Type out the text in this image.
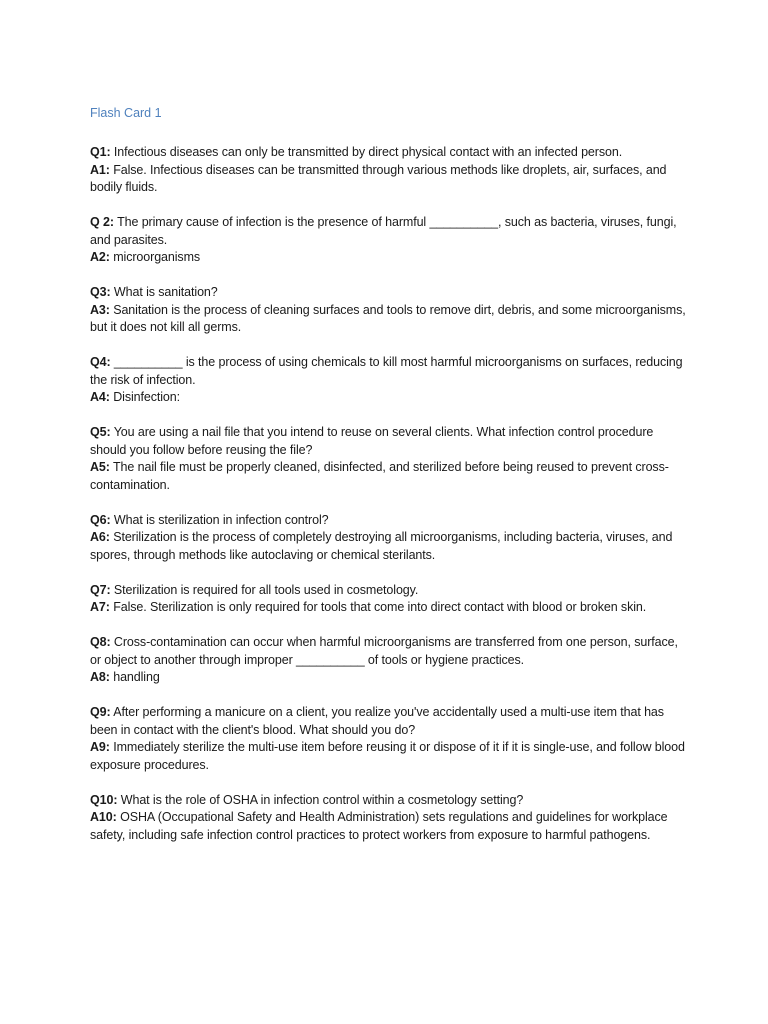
Flash Card 1

Q1: Infectious diseases can only be transmitted by direct physical contact with an infected person.

A1: False. Infectious diseases can be transmitted through various methods like droplets, air, surfaces, and bodily fluids.

Q 2: The primary cause of infection is the presence of harmful __________, such as bacteria, viruses, fungi, and parasites.

A2: microorganisms

Q3: What is sanitation?

A3: Sanitation is the process of cleaning surfaces and tools to remove dirt, debris, and some microorganisms, but it does not kill all germs.

Q4: __________ is the process of using chemicals to kill most harmful microorganisms on surfaces, reducing the risk of infection.

A4: Disinfection:

Q5: You are using a nail file that you intend to reuse on several clients. What infection control procedure should you follow before reusing the file?

A5: The nail file must be properly cleaned, disinfected, and sterilized before being reused to prevent cross-contamination.

Q6: What is sterilization in infection control?

A6: Sterilization is the process of completely destroying all microorganisms, including bacteria, viruses, and spores, through methods like autoclaving or chemical sterilants.

Q7: Sterilization is required for all tools used in cosmetology.

A7: False. Sterilization is only required for tools that come into direct contact with blood or broken skin.

Q8: Cross-contamination can occur when harmful microorganisms are transferred from one person, surface, or object to another through improper __________ of tools or hygiene practices.

A8: handling

Q9: After performing a manicure on a client, you realize you've accidentally used a multi-use item that has been in contact with the client's blood. What should you do?

A9: Immediately sterilize the multi-use item before reusing it or dispose of it if it is single-use, and follow blood exposure procedures.

Q10: What is the role of OSHA in infection control within a cosmetology setting?

A10: OSHA (Occupational Safety and Health Administration) sets regulations and guidelines for workplace safety, including safe infection control practices to protect workers from exposure to harmful pathogens.
